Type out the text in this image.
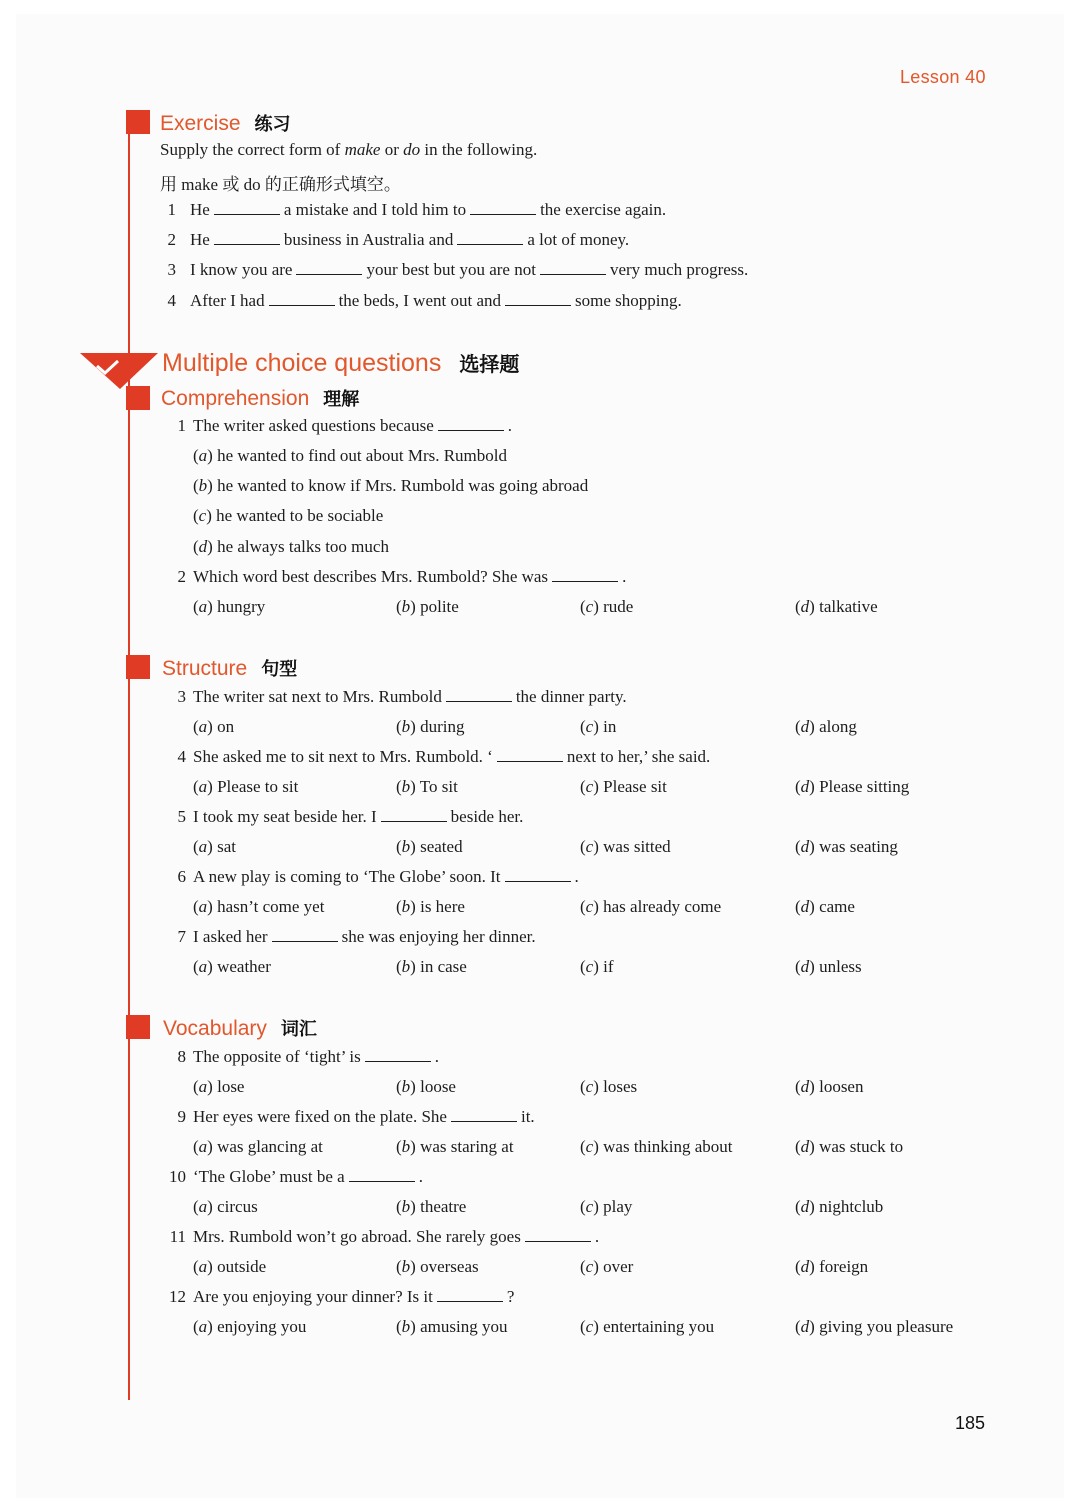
Lesson 40
Exercise 练习
Supply the correct form of make or do in the following.
用 make 或 do 的正确形式填空。
1 He	a mistake and I told him to	the exercise again.
2 He	business in Australia and	a lot of money.
3 I know you are	your best but you are not	very much progress.
4 After I had	the beds, I went out and	some shopping.
Multiple choice questions 选择题
Comprehension 理解
1 The writer asked questions because	.
(a) he wanted to find out about Mrs. Rumbold
(b) he wanted to know if Mrs. Rumbold was going abroad
(c) he wanted to be sociable
(d) he always talks too much
2 Which word best describes Mrs. Rumbold? She was	.
(a) hungry	(b) polite	(c) rude	(d) talkative
Structure 句型
3 The writer sat next to Mrs. Rumbold	the dinner party.
(a) on	(b) during	(c) in	(d) along
4 She asked me to sit next to Mrs. Rumbold. ‘	next to her,’ she said.
(a) Please to sit	(b) To sit	(c) Please sit	(d) Please sitting
5 I took my seat beside her. I	beside her.
(a) sat	(b) seated	(c) was sitted	(d) was seating
6 A new play is coming to ‘The Globe’ soon. It	.
(a) hasn’t come yet	(b) is here	(c) has already come	(d) came
7 I asked her	she was enjoying her dinner.
(a) weather	(b) in case	(c) if	(d) unless
Vocabulary 词汇
8 The opposite of ‘tight’ is	.
(a) lose	(b) loose	(c) loses	(d) loosen
9 Her eyes were fixed on the plate. She	it.
(a) was glancing at	(b) was staring at	(c) was thinking about	(d) was stuck to
10 ‘The Globe’ must be a	.
(a) circus	(b) theatre	(c) play	(d) nightclub
11 Mrs. Rumbold won’t go abroad. She rarely goes	.
(a) outside	(b) overseas	(c) over	(d) foreign
12 Are you enjoying your dinner? Is it	?
(a) enjoying you	(b) amusing you	(c) entertaining you	(d) giving you pleasure
185
